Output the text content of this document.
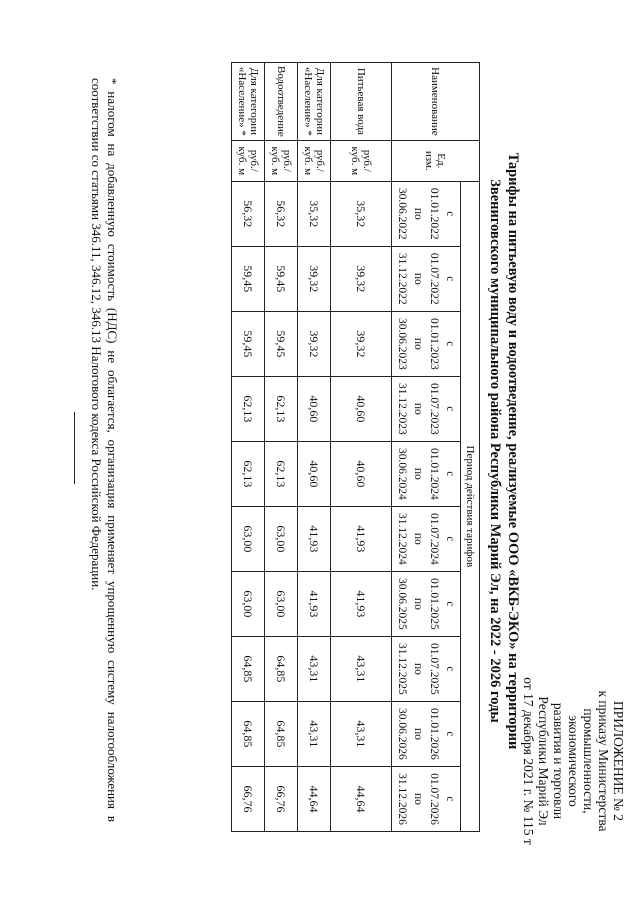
ПРИЛОЖЕНИЕ № 2
к приказу Министерства
промышленности, экономического
развития и торговли
Республики Марий Эл
от 17 декабря 2021 г. № 115 т
Тарифы на питьевую воду и водоотведение, реализуемые ООО «ВКБ-ЭКО» на территории
Звениговского муниципального района Республики Марий Эл, на 2022 - 2026 годы
Наименование	Ед. изм.	Период действия тарифов									
		с 01.01.2022 по 30.06.2022	с 01.07.2022 по 31.12.2022	с 01.01.2023 по 30.06.2023	с 01.07.2023 по 31.12.2023	с 01.01.2024 по 30.06.2024	с 01.07.2024 по 31.12.2024	с 01.01.2025 по 30.06.2025	с 01.07.2025 по 31.12.2025	с 01.01.2026 по 30.06.2026	с 01.07.2026 по 31.12.2026
Питьевая вода	руб./ куб. м	35,32	39,32	39,32	40,60	40,60	41,93	41,93	43,31	43,31	44,64
Для категории «Население» *	руб./ куб. м	35,32	39,32	39,32	40,60	40,60	41,93	41,93	43,31	43,31	44,64
Водоотведение	руб./ куб. м	56,32	59,45	59,45	62,13	62,13	63,00	63,00	64,85	64,85	66,76
Для категории «Население» *	руб./ куб. м	56,32	59,45	59,45	62,13	62,13	63,00	63,00	64,85	64,85	66,76
* налогом на добавленную стоимость (НДС) не облагается, организация применяет упрощенную систему налогообложения в соответствии со статьями 346.11, 346.12, 346.13 Налогового кодекса Российской Федерации.
